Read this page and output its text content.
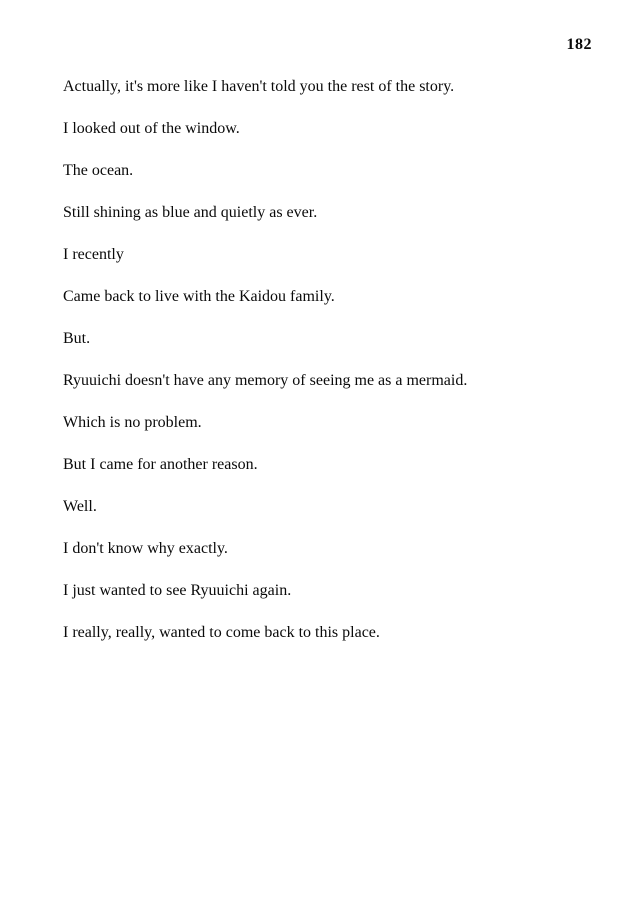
182

Actually, it's more like I haven't told you the rest of the story.

I looked out of the window.

The ocean.

Still shining as blue and quietly as ever.

I recently

Came back to live with the Kaidou family.

But.

Ryuuichi doesn't have any memory of seeing me as a mermaid.

Which is no problem.

But I came for another reason.

Well.

I don't know why exactly.

I just wanted to see Ryuuichi again.

I really, really, wanted to come back to this place.
